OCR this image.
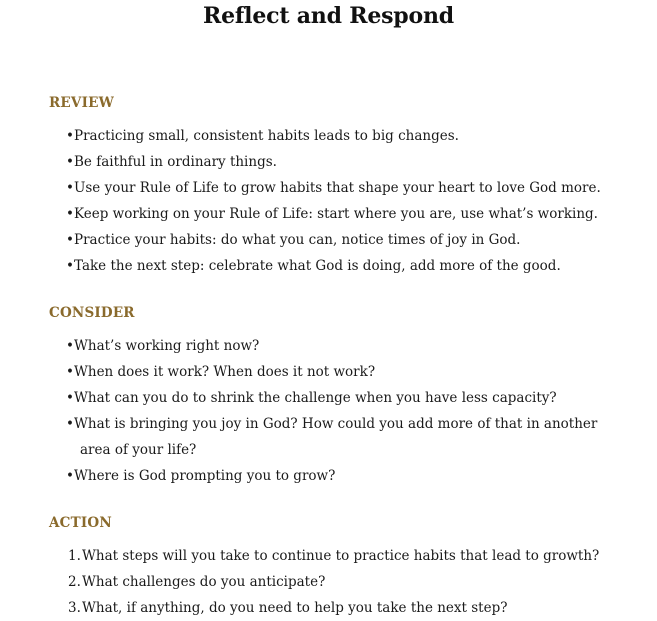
Reflect and Respond
REVIEW
• Practicing small, consistent habits leads to big changes.
• Be faithful in ordinary things.
• Use your Rule of Life to grow habits that shape your heart to love God more.
• Keep working on your Rule of Life: start where you are, use what’s working.
• Practice your habits: do what you can, notice times of joy in God.
• Take the next step: celebrate what God is doing, add more of the good.
CONSIDER
• What’s working right now?
• When does it work? When does it not work?
• What can you do to shrink the challenge when you have less capacity?
• What is bringing you joy in God? How could you add more of that in another
area of your life?
• Where is God prompting you to grow?
ACTION
1. What steps will you take to continue to practice habits that lead to growth?
2. What challenges do you anticipate?
3. What, if anything, do you need to help you take the next step?
